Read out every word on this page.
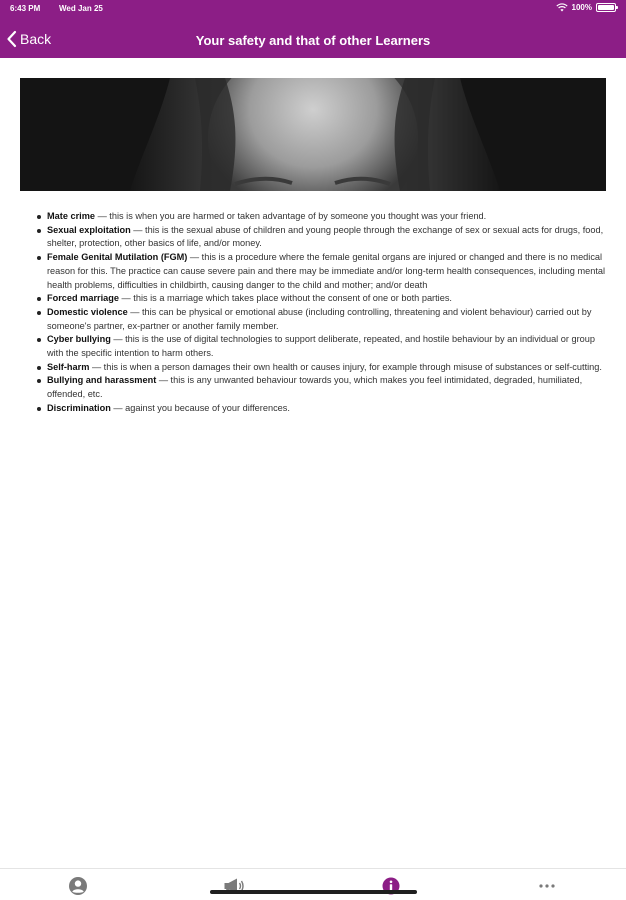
6:43 PM Wed Jan 25	100%
Back	Your safety and that of other Learners
Mate crime — this is when you are harmed or taken advantage of by someone you thought was your friend.
Sexual exploitation — this is the sexual abuse of children and young people through the exchange of sex or sexual acts for drugs, food, shelter, protection, other basics of life, and/or money.
Female Genital Mutilation (FGM) — this is a procedure where the female genital organs are injured or changed and there is no medical reason for this. The practice can cause severe pain and there may be immediate and/or long-term health consequences, including mental health problems, difficulties in childbirth, causing danger to the child and mother; and/or death
Forced marriage — this is a marriage which takes place without the consent of one or both parties.
Domestic violence — this can be physical or emotional abuse (including controlling, threatening and violent behaviour) carried out by someone's partner, ex-partner or another family member.
Cyber bullying — this is the use of digital technologies to support deliberate, repeated, and hostile behaviour by an individual or group with the specific intention to harm others.
Self-harm — this is when a person damages their own health or causes injury, for example through misuse of substances or self-cutting.
Bullying and harassment — this is any unwanted behaviour towards you, which makes you feel intimidated, degraded, humiliated, offended, etc.
Discrimination — against you because of your differences.
